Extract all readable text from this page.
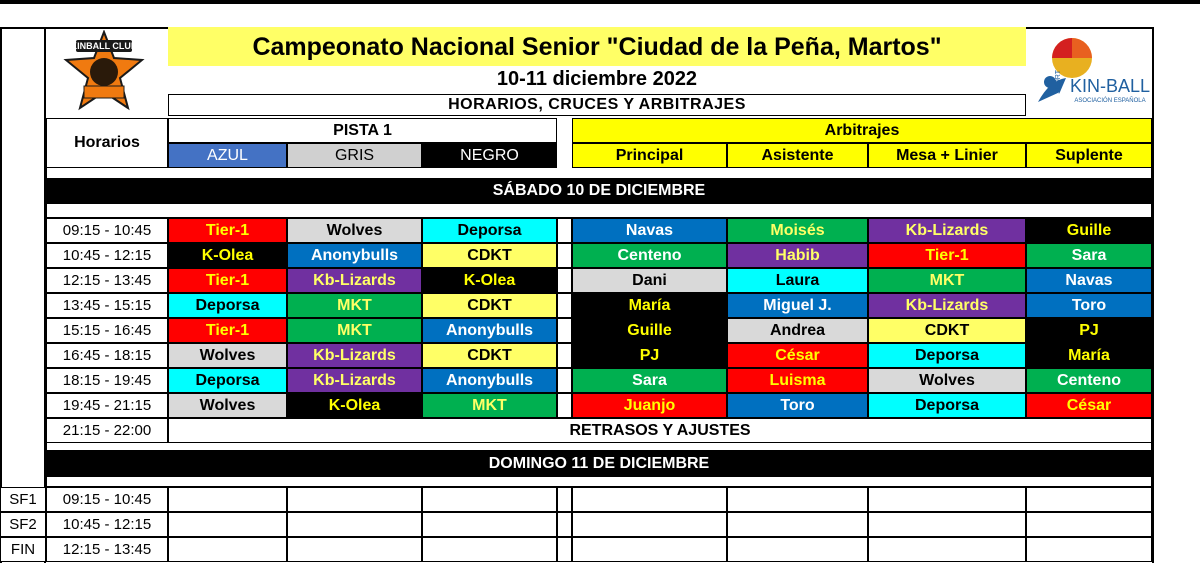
KINBALL CLUB	Campeonato Nacional Senior "Ciudad de la Peña, Martos"
10-11 diciembre 2022
HORARIOS, CRUCES Y ARBITRAJES
SPORT KIN-BALL
ASOCIACIÓN ESPAÑOLA
Horarios
PISTA 1
AZUL	GRIS	NEGRO
Arbitrajes
Principal	Asistente	Mesa + Linier	Suplente
SÁBADO 10 DE DICIEMBRE
09:15 - 10:45	Tier-1	Wolves	Deporsa	Navas	Moisés	Kb-Lizards	Guille
10:45 - 12:15	K-Olea	Anonybulls	CDKT	Centeno	Habib	Tier-1	Sara
12:15 - 13:45	Tier-1	Kb-Lizards	K-Olea	Dani	Laura	MKT	Navas
13:45 - 15:15	Deporsa	MKT	CDKT	María	Miguel J.	Kb-Lizards	Toro
15:15 - 16:45	Tier-1	MKT	Anonybulls	Guille	Andrea	CDKT	PJ
16:45 - 18:15	Wolves	Kb-Lizards	CDKT	PJ	César	Deporsa	María
18:15 - 19:45	Deporsa	Kb-Lizards	Anonybulls	Sara	Luisma	Wolves	Centeno
19:45 - 21:15	Wolves	K-Olea	MKT	Juanjo	Toro	Deporsa	César
21:15 - 22:00	RETRASOS Y AJUSTES
DOMINGO 11 DE DICIEMBRE
SF1	09:15 - 10:45
SF2	10:45 - 12:15
FIN	12:15 - 13:45
